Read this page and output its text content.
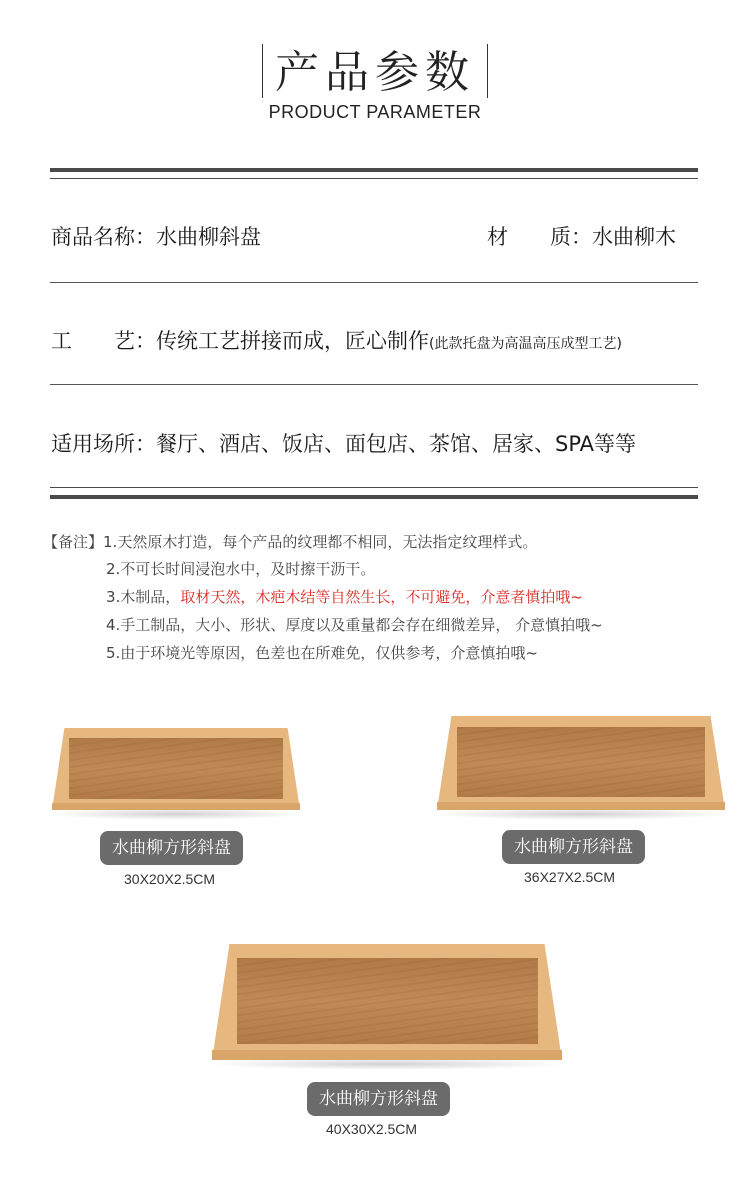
产品参数
PRODUCT PARAMETER
商品名称：水曲柳斜盘	材　　质：水曲柳木
工　　艺：传统工艺拼接而成，匠心制作(此款托盘为高温高压成型工艺)
适用场所：餐厅、酒店、饭店、面包店、茶馆、居家、SPA等等
【备注】1.天然原木打造，每个产品的纹理都不相同，无法指定纹理样式。
2.不可长时间浸泡水中，及时擦干沥干。
3.木制品，取材天然，木疤木结等自然生长，不可避免，介意者慎拍哦~
4.手工制品，大小、形状、厚度以及重量都会存在细微差异， 介意慎拍哦~
5.由于环境光等原因，色差也在所难免，仅供参考，介意慎拍哦~
水曲柳方形斜盘
30X20X2.5CM
水曲柳方形斜盘
36X27X2.5CM
水曲柳方形斜盘
40X30X2.5CM
